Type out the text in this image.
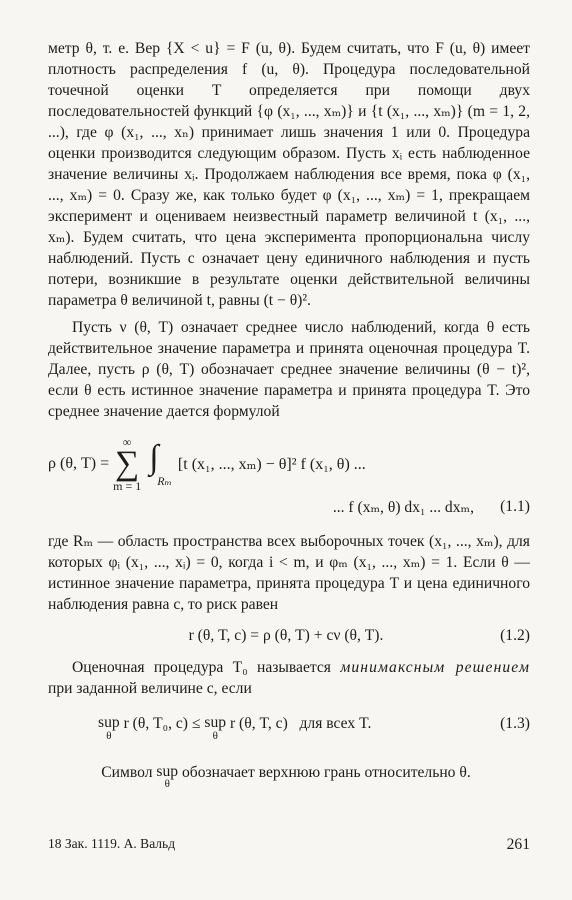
метр θ, т. е. Вер {X < u} = F (u, θ). Будем считать, что F (u, θ) имеет плотность распределения f (u, θ). Процедура последовательной точечной оценки T определяется при помощи двух последовательностей функций {φ (x₁, ..., xₘ)} и {t (x₁, ..., xₘ)} (m = 1, 2, ...), где φ (x₁, ..., xₙ) принимает лишь значения 1 или 0. Процедура оценки производится следующим образом. Пусть xᵢ есть наблюденное значение величины xᵢ. Продолжаем наблюдения все время, пока φ (x₁, ..., xₘ) = 0. Сразу же, как только будет φ (x₁, ..., xₘ) = 1, прекращаем эксперимент и оцениваем неизвестный параметр величиной t (x₁, ..., xₘ). Будем считать, что цена эксперимента пропорциональна числу наблюдений. Пусть c означает цену единичного наблюдения и пусть потери, возникшие в результате оценки действительной величины параметра θ величиной t, равны (t − θ)².

Пусть ν (θ, T) означает среднее число наблюдений, когда θ есть действительное значение параметра и принята оценочная процедура T. Далее, пусть ρ (θ, T) обозначает среднее значение величины (θ − t)², если θ есть истинное значение параметра и принята процедура T. Это среднее значение дается формулой

ρ (θ, T) =
∞
∑
m = 1
∫
Rₘ
[t (x₁, ..., xₘ) − θ]² f (x₁, θ) ...
... f (xₘ, θ) dx₁ ... dxₘ,	(1.1)

где Rₘ — область пространства всех выборочных точек (x₁, ..., xₘ), для которых φᵢ (x₁, ..., xᵢ) = 0, когда i < m, и φₘ (x₁, ..., xₘ) = 1. Если θ — истинное значение параметра, принята процедура T и цена единичного наблюдения равна c, то риск равен

r (θ, T, c) = ρ (θ, T) + cν (θ, T).	(1.2)

Оценочная процедура T₀ называется минимаксным решением при заданной величине c, если

sup
θ
r (θ, T₀, c) ≤ sup
θ
r (θ, T, c) для всех T.	(1.3)
Символ
sup
θ

обозначает верхнюю грань относительно θ.
18 Зак. 1119. А. Вальд	261
